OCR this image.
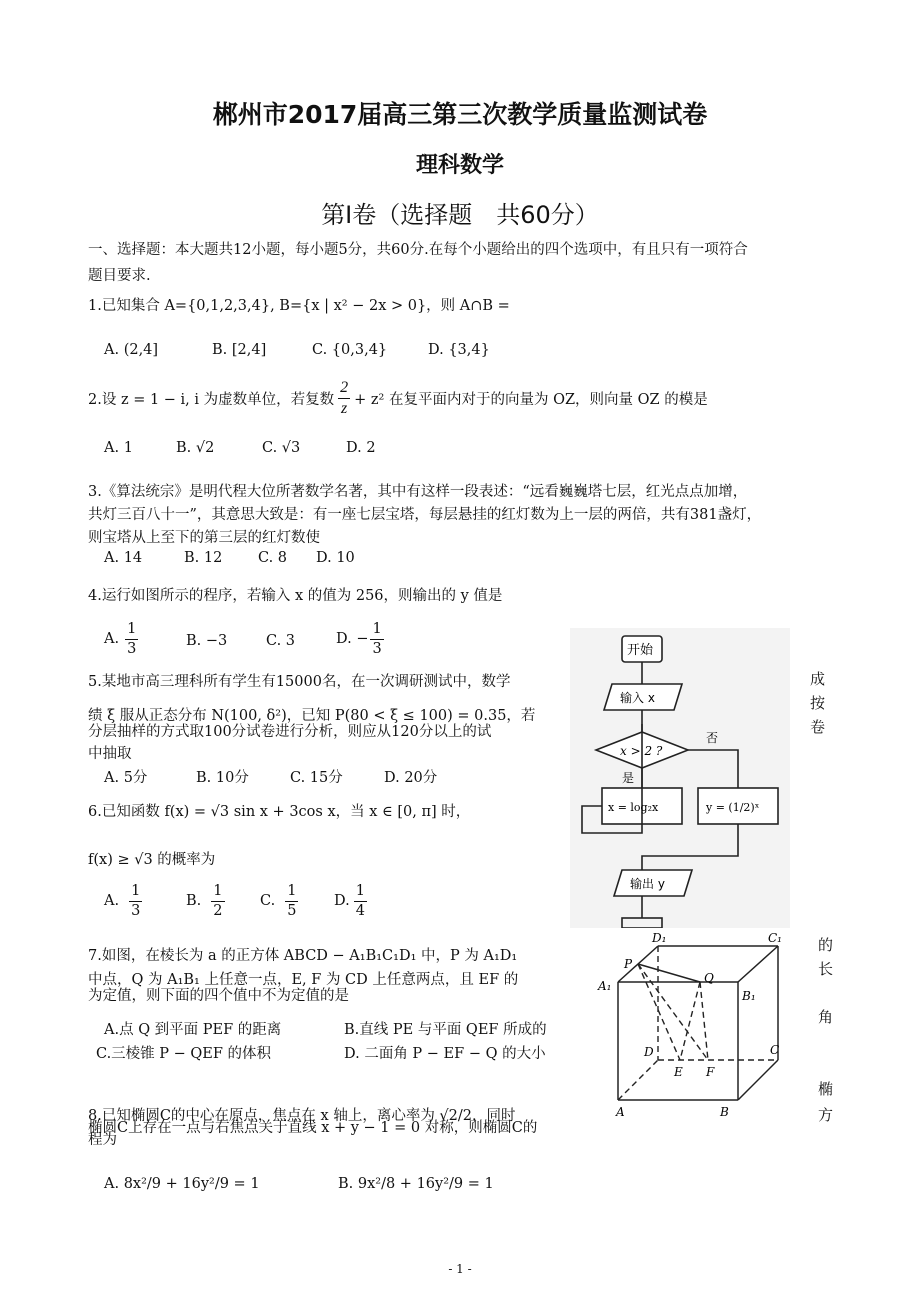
郴州市2017届高三第三次教学质量监测试卷
理科数学
第Ⅰ卷（选择题　共60分）
一、选择题：本大题共12小题，每小题5分，共60分.在每个小题给出的四个选项中，有且只有一项符合
题目要求.
1.已知集合 A={0,1,2,3,4}, B={x | x² − 2x > 0}，则 A∩B =
A. (2,4]	B. [2,4]	C. {0,3,4}	D. {3,4}
2.设 z = 1 − i, i 为虚数单位，若复数 $\frac{2}{z} + z^2$ 在复平面内对于的向量为 OZ，则向量 OZ 的模是
A. 1	B. √2	C. √3	D. 2
3.《算法统宗》是明代程大位所著数学名著，其中有这样一段表述：“远看巍巍塔七层，红光点点加增，
共灯三百八十一”，其意思大致是：有一座七层宝塔，每层悬挂的红灯数为上一层的两倍，共有381盏灯，
则宝塔从上至下的第三层的红灯数使
A. 14	B. 12 C. 8 D. 10
4.运行如图所示的程序，若输入 x 的值为 256，则输出的 y 值是
A. $\frac{1}{3}$	B. −3	C. 3	D. − $\frac{1}{3}$
5.某地市高三理科所有学生有15000名，在一次调研测试中，数学
绩 ξ 服从正态分布 N(100, δ²)，已知 P(80 < ξ ≤ 100) = 0.35，若
分层抽样的方式取100分试卷进行分析，则应从120分以上的试
中抽取
A. 5分	B. 10分	C. 15分	D. 20分
6.已知函数 f(x) = √3 sin x + 3cos x，当 x ∈ [0, π] 时，
f(x) ≥ √3 的概率为
A. $\frac{1}{3}$	B. $\frac{1}{2} C$. $\frac{1}{5} D$. $\frac{1}{4}$
7.如图，在棱长为 a 的正方体 ABCD − A₁B₁C₁D₁ 中，P 为 A₁D₁
中点，Q 为 A₁B₁ 上任意一点，E, F 为 CD 上任意两点，且 EF 的
为定值，则下面的四个值中不为定值的是
A.点 Q 到平面 PEF 的距离	B.直线 PE 与平面 QEF 所成的
C.三棱锥 P − QEF 的体积	D. 二面角 P − EF − Q 的大小
8.已知椭圆C的中心在原点，焦点在 x 轴上，离心率为 √2/2，同时
椭圆C上存在一点与右焦点关于直线 x + y − 1 = 0 对称，则椭圆C的
程为
A. 8x²/9 + 16y²/9 = 1	B. 9x²/8 + 16y²/9 = 1
成
按
卷
的
长
角
椭
方
开始
输入 x
x > 2 ?
否
是
x = log₂x	y = (1/2)ˣ
输出 y
D₁	C₁
P
Q
A₁
B₁
D	C
E F
A	B
- 1 -
